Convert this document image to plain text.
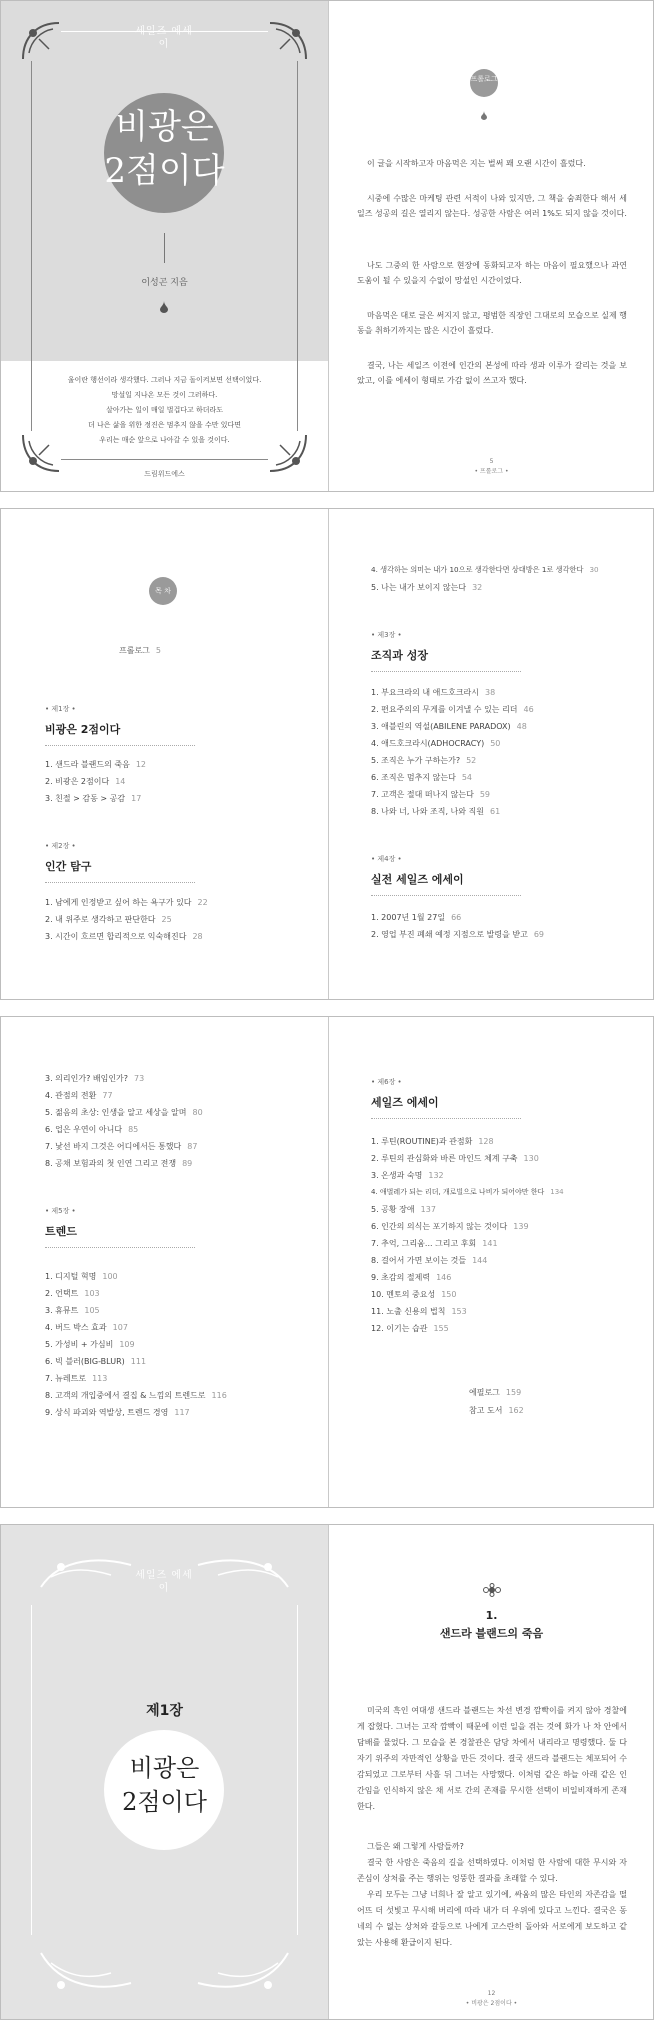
세일즈 에세이
비광은
2점이다
이성곤 지음
울이란 행선이라 생각했다. 그러나 지금 돌이켜보면 선택이었다.
망설일 지나온 모든 것이 그러하다.
살아가는 일이 매일 벌겁다고 하더라도
더 나은 삶을 위한 정진은 멈추지 않을 수만 있다면
우리는 매순 앞으로 나아갈 수 있을 것이다.
드림위드에스
프롤로그
이 글을 시작하고자 마음먹은 지는 벌써 꽤 오랜 시간이 흘렀다.
시중에 수많은 마케팅 관련 서적이 나와 있지만, 그 책을 숨죄한다 해서 세일즈 성공의 길은 열리지 않는다. 성공한 사람은 여러 1%도 되지 않을 것이다.
나도 그중의 한 사람으로 현장에 동화되고자 하는 마음이 필요했으나 과연 도움이 될 수 있을지 수없이 망설인 시간이었다.
마음먹은 대로 글은 써지지 않고, 평범한 직장인 그대로의 모습으로 실제 행동을 취하기까지는 많은 시간이 흘렀다.
결국, 나는 세일즈 이전에 인간의 본성에 따라 생과 이루가 갈리는 것을 보았고, 이를 에세이 형태로 가감 없이 쓰고자 했다.
5
• 프롤로그 •
목 차
프롤로그 5
• 제1장 •
비광은 2점이다
1. 샌드라 블랜드의 죽음 12
2. 비광은 2점이다 14
3. 친절 > 감동 > 공감 17
• 제2장 •
인간 탐구
1. 남에게 인정받고 싶어 하는 욕구가 있다 22
2. 내 위주로 생각하고 판단한다 25
3. 시간이 흐르면 합리적으로 익숙해진다 28
4. 생각하는 의미는 내가 10으로 생각한다면 상대방은 1로 생각한다 30
5. 나는 내가 보이지 않는다 32
• 제3장 •
조직과 성장
1. 부요크라의 내 애드호크라시 38
2. 편요주의의 무게를 이겨낼 수 있는 리더 46
3. 애블린의 역설(ABILENE PARADOX) 48
4. 애드호크라시(ADHOCRACY) 50
5. 조직은 누가 구하는가? 52
6. 조직은 멈추지 않는다 54
7. 고객은 절대 떠나지 않는다 59
8. 나와 너, 나와 조직, 나와 직원 61
• 제4장 •
실전 세일즈 에세이
1. 2007년 1월 27일 66
2. 영업 부진 폐쇄 예정 지점으로 발령을 받고 69
3. 의리인가? 배임인가? 73
4. 관점의 전환 77
5. 젊음의 초상: 인생을 알고 세상을 알며 80
6. 업은 우연이 아니다 85
7. 낯선 바지 그것은 어디에서든 통했다 87
8. 공채 보험과의 첫 인연 그리고 전쟁 89
• 제5장 •
트렌드
1. 디지털 혁명 100
2. 언택트 103
3. 휴뮤트 105
4. 버드 박스 효과 107
5. 가성비 + 가심비 109
6. 빅 블러(BIG-BLUR) 111
7. 뉴레트로 113
8. 고객의 개입중에서 결집 & 느낌의 트렌드로 116
9. 상식 파괴와 역발상, 트렌드 경영 117
• 제6장 •
세일즈 에세이
1. 루틴(ROUTINE)과 관점화 128
2. 루틴의 관심화와 바른 마인드 체계 구축 130
3. 온생과 숙명 132
4. 애벌레가 되는 리더, 개로빌으로 나비가 되어야만 한다 134
5. 공황 장애 137
6. 인간의 의식는 포기하지 않는 것이다 139
7. 추억, 그리움... 그리고 후회 141
8. 걸어서 가면 보이는 것들 144
9. 초감의 절제력 146
10. 멘토의 중요성 150
11. 노출 신용의 법칙 153
12. 이기는 습관 155
에필로그 159
참고 도서 162
세일즈 에세이
제1장
비광은
2점이다
1.
샌드라 블랜드의 죽음
미국의 흑인 여대생 샌드라 블랜드는 차선 변경 깜빡이를 켜지 않아 경찰에게 잡혔다. 그녀는 고작 깜빡이 때문에 이런 일을 겪는 것에 화가 나 차 안에서 담배를 물었다. 그 모습을 본 경찰관은 담당 차에서 내리라고 명령했다. 둘 다 자기 위주의 자만적인 상황을 만든 것이다. 결국 샌드라 블랜드는 체포되어 수감되었고 그로부터 사흘 뒤 그녀는 사망했다. 이처럼 같은 하늘 아래 같은 인간임을 인식하지 않은 채 서로 간의 존재를 무시한 선택이 비일비재하게 존재한다.
그들은 왜 그렇게 사람들까?
결국 한 사람은 죽음의 길을 선택하였다. 이처럼 한 사람에 대한 무시와 자존심이 상처를 주는 행위는 엉뚱한 결과를 초래할 수 있다.
우리 모두는 그냥 너희나 잘 알고 있기에, 싸움의 많은 타인의 자존감을 떨어뜨 더 섯빛고 무시해 버리에 따라 내가 더 우위에 있다고 느낀다. 결국은 동네의 수 없는 상처와 갈등으로 나에게 고스란히 돌아와 서로에게 보도하고 같았는 사용해 환급이지 된다.
12
• 비광은 2점이다 •
